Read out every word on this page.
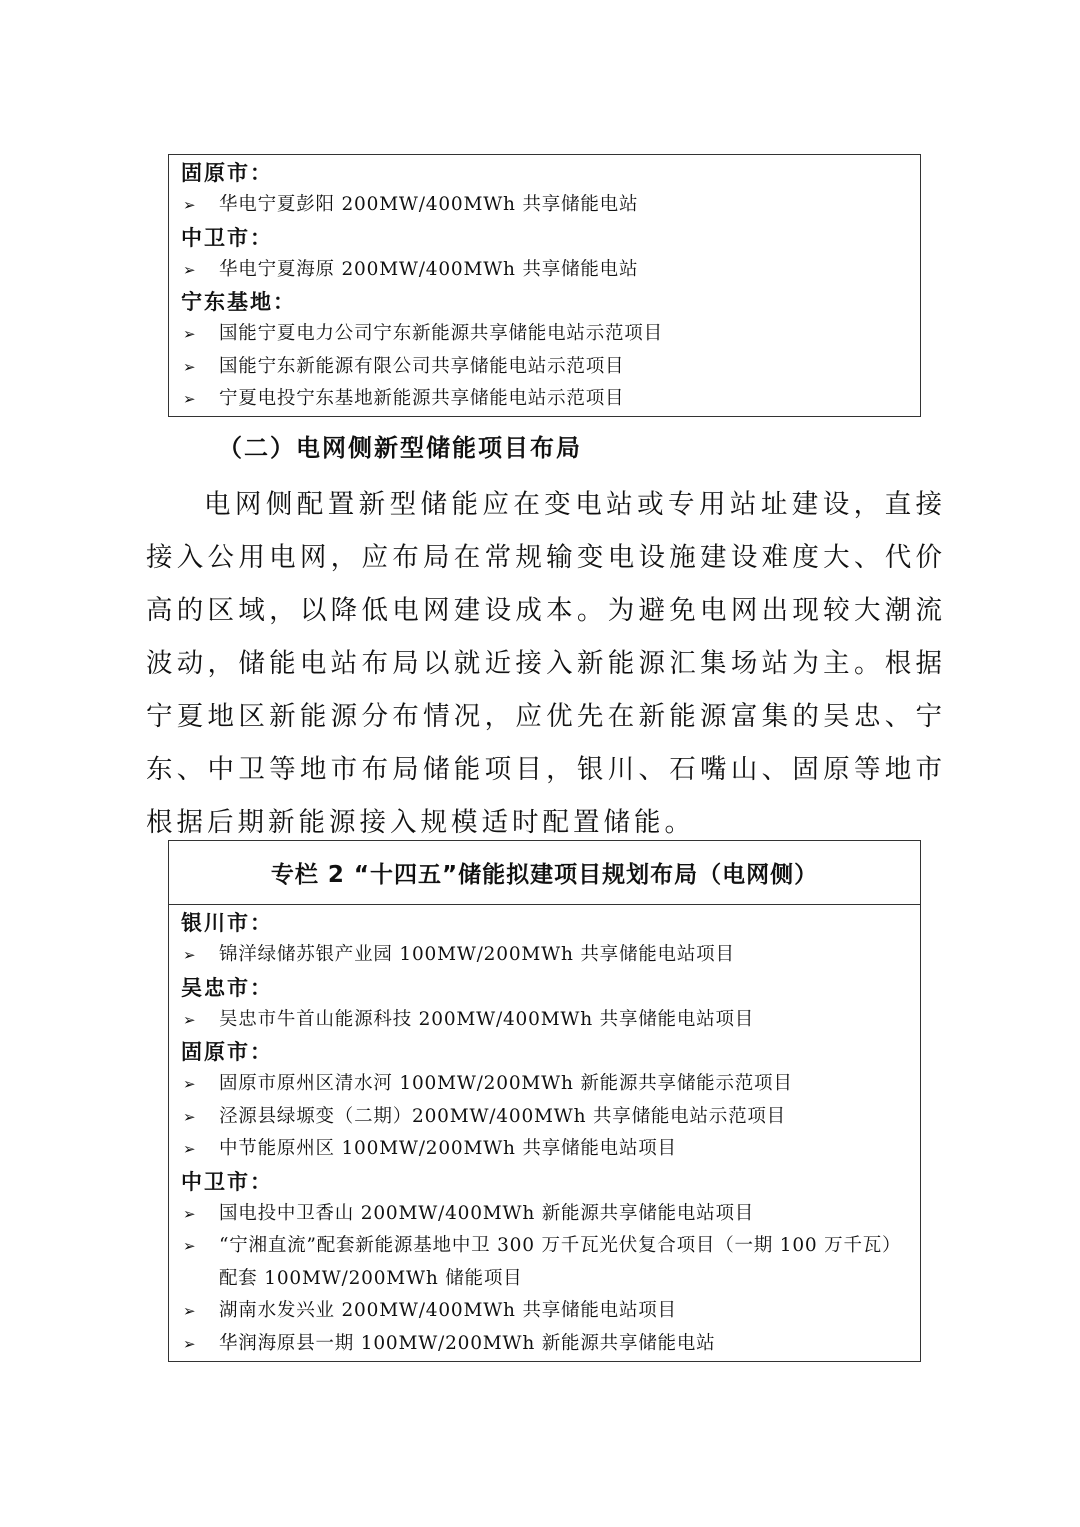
固原市：
➢ 华电宁夏彭阳 200MW/400MWh 共享储能电站
中卫市：
➢ 华电宁夏海原 200MW/400MWh 共享储能电站
宁东基地：
➢ 国能宁夏电力公司宁东新能源共享储能电站示范项目
➢ 国能宁东新能源有限公司共享储能电站示范项目
➢ 宁夏电投宁东基地新能源共享储能电站示范项目
（二）电网侧新型储能项目布局
电网侧配置新型储能应在变电站或专用站址建设，直接接入公用电网，应布局在常规输变电设施建设难度大、代价高的区域，以降低电网建设成本。为避免电网出现较大潮流波动，储能电站布局以就近接入新能源汇集场站为主。根据宁夏地区新能源分布情况，应优先在新能源富集的吴忠、宁东、中卫等地市布局储能项目，银川、石嘴山、固原等地市根据后期新能源接入规模适时配置储能。
专栏 2 “十四五”储能拟建项目规划布局（电网侧）
银川市：
➢ 锦洋绿储苏银产业园 100MW/200MWh 共享储能电站项目
吴忠市：
➢ 吴忠市牛首山能源科技 200MW/400MWh 共享储能电站项目
固原市：
➢ 固原市原州区清水河 100MW/200MWh 新能源共享储能示范项目
➢ 泾源县绿塬变（二期）200MW/400MWh 共享储能电站示范项目
➢ 中节能原州区 100MW/200MWh 共享储能电站项目
中卫市：
➢ 国电投中卫香山 200MW/400MWh 新能源共享储能电站项目
➢ “宁湘直流”配套新能源基地中卫 300 万千瓦光伏复合项目（一期 100 万千瓦）配套 100MW/200MWh 储能项目
➢ 湖南水发兴业 200MW/400MWh 共享储能电站项目
➢ 华润海原县一期 100MW/200MWh 新能源共享储能电站
